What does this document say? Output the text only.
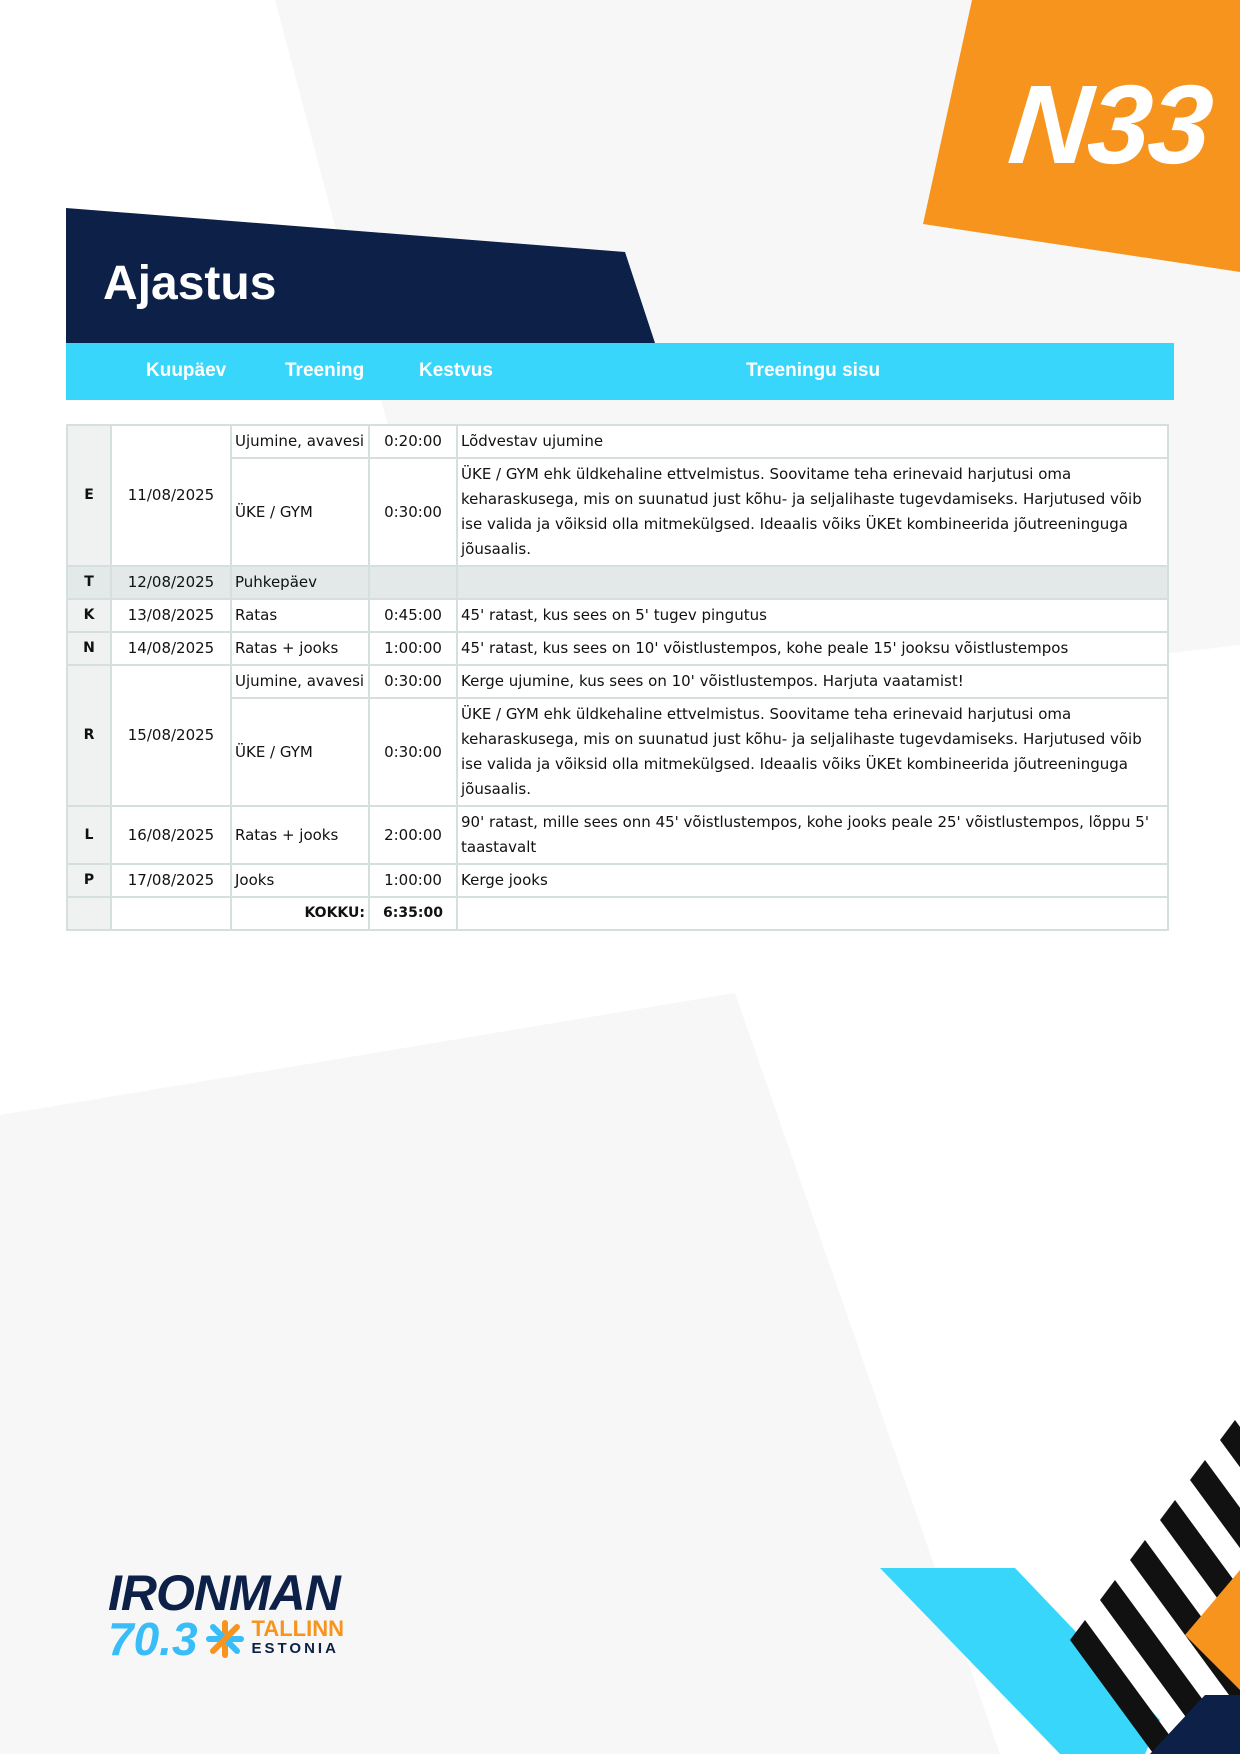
N33
Ajastus
Kuupäev	Treening	Kestvus	Treeningu sisu
E	11/08/2025	Ujumine, avavesi	0:20:00	Lõdvestav ujumine
		ÜKE / GYM	0:30:00	ÜKE / GYM ehk üldkehaline ettvelmistus. Soovitame teha erinevaid harjutusi oma keharaskusega, mis on suunatud just kõhu- ja seljalihaste tugevdamiseks. Harjutused võib ise valida ja võiksid olla mitmekülgsed. Ideaalis võiks ÜKEt kombineerida jõutreeninguga jõusaalis.
T	12/08/2025	Puhkepäev		
K	13/08/2025	Ratas	0:45:00	45' ratast, kus sees on 5' tugev pingutus
N	14/08/2025	Ratas + jooks	1:00:00	45' ratast, kus sees on 10' võistlustempos, kohe peale 15' jooksu võistlustempos
R	15/08/2025	Ujumine, avavesi	0:30:00	Kerge ujumine, kus sees on 10' võistlustempos. Harjuta vaatamist!
		ÜKE / GYM	0:30:00	ÜKE / GYM ehk üldkehaline ettvelmistus. Soovitame teha erinevaid harjutusi oma keharaskusega, mis on suunatud just kõhu- ja seljalihaste tugevdamiseks. Harjutused võib ise valida ja võiksid olla mitmekülgsed. Ideaalis võiks ÜKEt kombineerida jõutreeninguga jõusaalis.
L	16/08/2025	Ratas + jooks	2:00:00	90' ratast, mille sees onn 45' võistlustempos, kohe jooks peale 25' võistlustempos, lõppu 5' taastavalt
P	17/08/2025	Jooks	1:00:00	Kerge jooks
		KOKKU:	6:35:00	
IRONMAN
70.3 TALLINN
ESTONIA
